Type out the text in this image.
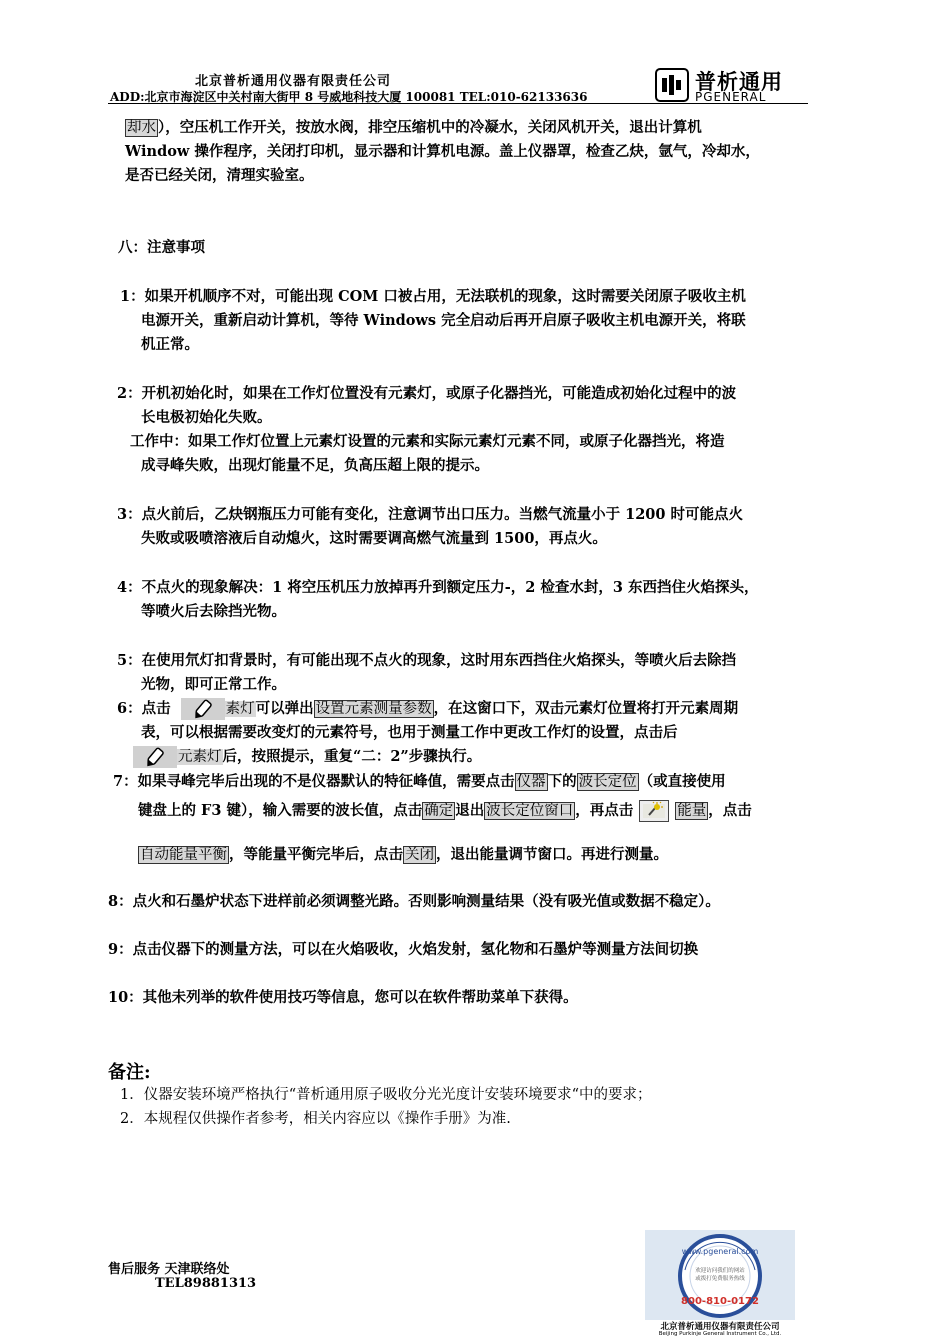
北京普析通用仪器有限责任公司
ADD:北京市海淀区中关村南大街甲 8 号威地科技大厦 100081 TEL:010-62133636
普析通用
PGENERAL
却水 ），空压机工作开关，按放水阀，排空压缩机中的冷凝水，关闭风机开关，退出计算机
Window 操作程序，关闭打印机，显示器和计算机电源。盖上仪器罩，检查乙炔，氩气，冷却水，
是否已经关闭，清理实验室。
八：注意事项
1：如果开机顺序不对，可能出现 COM 口被占用，无法联机的现象，这时需要关闭原子吸收主机
电源开关，重新启动计算机，等待 Windows 完全启动后再开启原子吸收主机电源开关，将联
机正常。
2：开机初始化时，如果在工作灯位置没有元素灯，或原子化器挡光，可能造成初始化过程中的波
长电极初始化失败。
工作中：如果工作灯位置上元素灯设置的元素和实际元素灯元素不同，或原子化器挡光，将造
成寻峰失败，出现灯能量不足，负高压超上限的提示。
3：点火前后，乙炔钢瓶压力可能有变化，注意调节出口压力。当燃气流量小于 1200 时可能点火
失败或吸喷溶液后自动熄火，这时需要调高燃气流量到 1500，再点火。
4：不点火的现象解决：1 将空压机压力放掉再升到额定压力-，2 检查水封，3 东西挡住火焰探头，
等喷火后去除挡光物。
5：在使用氘灯扣背景时，有可能出现不点火的现象，这时用东西挡住火焰探头，等喷火后去除挡
光物，即可正常工作。
6：点击	素灯可以弹出 设置元素测量参数 ，在这窗口下，双击元素灯位置将打开元素周期
表，可以根据需要改变灯的元素符号，也用于测量工作中更改工作灯的设置，点击后
元素灯后，按照提示，重复“二：2”步骤执行。
7：如果寻峰完毕后出现的不是仪器默认的特征峰值，需要点击 仪器 下的 波长定位 （或直接使用
键盘上的 F3 键），输入需要的波长值，点击 确定 退出 波长定位窗口 ，再点击	能量 ，点击
自动能量平衡 ，等能量平衡完毕后，点击 关闭 ，退出能量调节窗口。再进行测量。
8：点火和石墨炉状态下进样前必须调整光路。否则影响测量结果（没有吸光值或数据不稳定）。
9：点击仪器下的测量方法，可以在火焰吸收，火焰发射，氢化物和石墨炉等测量方法间切换
10：其他未列举的软件使用技巧等信息，您可以在软件帮助菜单下获得。
备注:
1．仪器安装环境严格执行“普析通用原子吸收分光光度计安装环境要求“中的要求；
2．本规程仅供操作者参考，相关内容应以《操作手册》为准.
售后服务 天津联络处
TEL89881313
www.pgeneral.com
欢迎访问我们的网站
或拨打免费服务热线
800-810-0172
北京普析通用仪器有限责任公司
Beijing Purkinje General Instrument Co., Ltd.
